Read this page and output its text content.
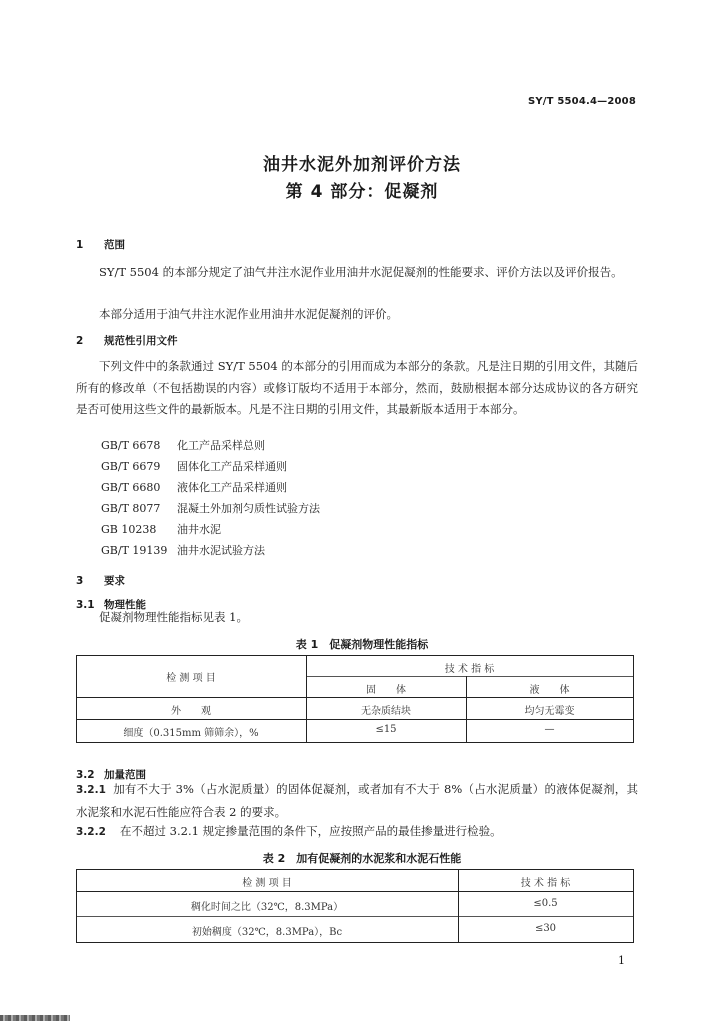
SY/T 5504.4—2008
油井水泥外加剂评价方法
第 4 部分：促凝剂
1 范围
SY/T 5504 的本部分规定了油气井注水泥作业用油井水泥促凝剂的性能要求、评价方法以及评价报告。
本部分适用于油气井注水泥作业用油井水泥促凝剂的评价。
2 规范性引用文件
下列文件中的条款通过 SY/T 5504 的本部分的引用而成为本部分的条款。凡是注日期的引用文件，其随后所有的修改单（不包括勘误的内容）或修订版均不适用于本部分，然而，鼓励根据本部分达成协议的各方研究是否可使用这些文件的最新版本。凡是不注日期的引用文件，其最新版本适用于本部分。
GB/T 6678 化工产品采样总则
GB/T 6679 固体化工产品采样通则
GB/T 6680 液体化工产品采样通则
GB/T 8077 混凝土外加剂匀质性试验方法
GB 10238 油井水泥
GB/T 19139 油井水泥试验方法
3 要求
3.1 物理性能
促凝剂物理性能指标见表 1。
表 1　促凝剂物理性能指标
检 测 项 目
技 术 指 标
固　　体	液　　体
外　　观	无杂质结块	均匀无霉变
细度（0.315mm 筛筛余），%	≤15	—
3.2 加量范围
3.2.1 加有不大于 3%（占水泥质量）的固体促凝剂，或者加有不大于 8%（占水泥质量）的液体促凝剂，其水泥浆和水泥石性能应符合表 2 的要求。
3.2.2 在不超过 3.2.1 规定掺量范围的条件下，应按照产品的最佳掺量进行检验。
表 2　加有促凝剂的水泥浆和水泥石性能
检 测 项 目	技 术 指 标
稠化时间之比（32℃，8.3MPa）	≤0.5
初始稠度（32℃，8.3MPa），Bc	≤30
1
